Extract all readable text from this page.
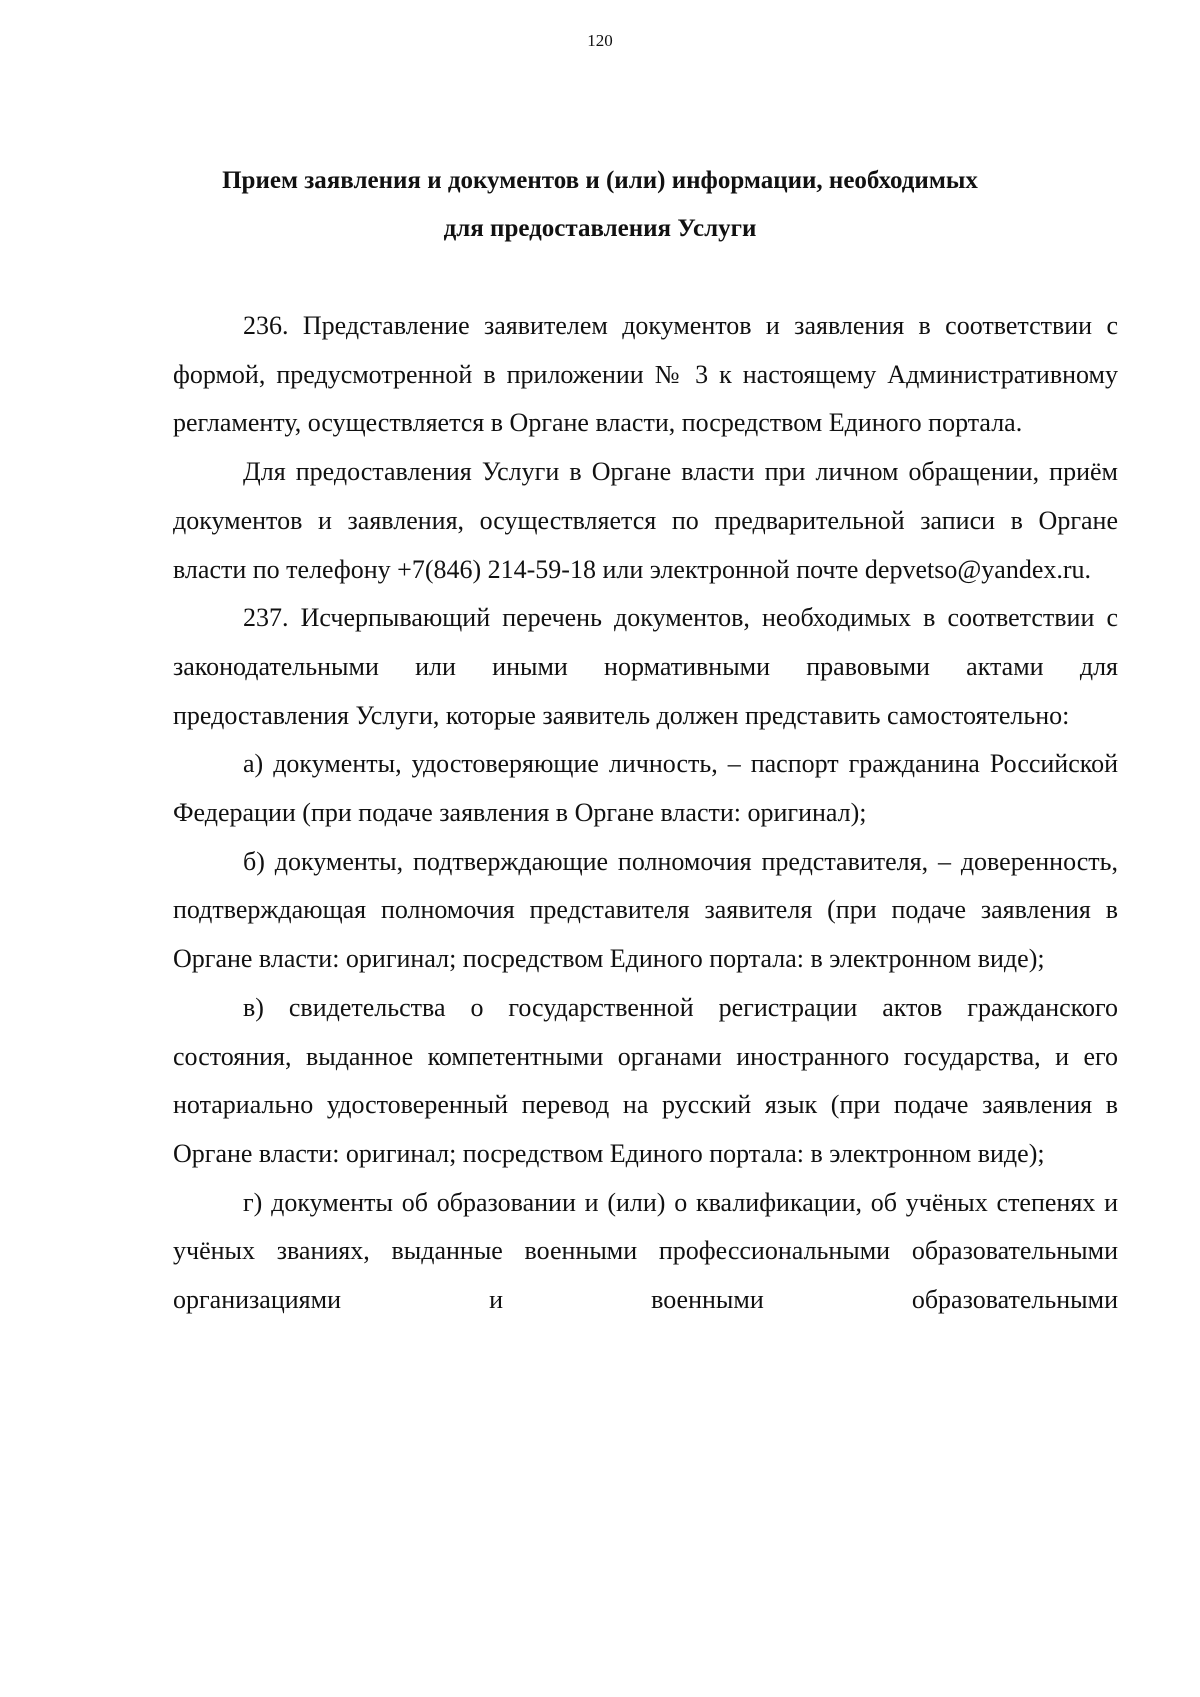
120
Прием заявления и документов и (или) информации, необходимых
для предоставления Услуги

236. Представление заявителем документов и заявления в соответствии с формой, предусмотренной в приложении № 3 к настоящему Административному регламенту, осуществляется в Органе власти, посредством Единого портала.

Для предоставления Услуги в Органе власти при личном обращении, приём документов и заявления, осуществляется по предварительной записи в Органе власти по телефону +7(846) 214-59-18 или электронной почте depvetso@yandex.ru.

237. Исчерпывающий перечень документов, необходимых в соответствии с законодательными или иными нормативными правовыми актами для предоставления Услуги, которые заявитель должен представить самостоятельно:

а) документы, удостоверяющие личность, – паспорт гражданина Российской Федерации (при подаче заявления в Органе власти: оригинал);

б) документы, подтверждающие полномочия представителя, – доверенность, подтверждающая полномочия представителя заявителя (при подаче заявления в Органе власти: оригинал; посредством Единого портала: в электронном виде);

в) свидетельства о государственной регистрации актов гражданского состояния, выданное компетентными органами иностранного государства, и его нотариально удостоверенный перевод на русский язык (при подаче заявления в Органе власти: оригинал; посредством Единого портала: в электронном виде);

г) документы об образовании и (или) о квалификации, об учёных степенях и учёных званиях, выданные военными профессиональными образовательными организациями и военными образовательными
